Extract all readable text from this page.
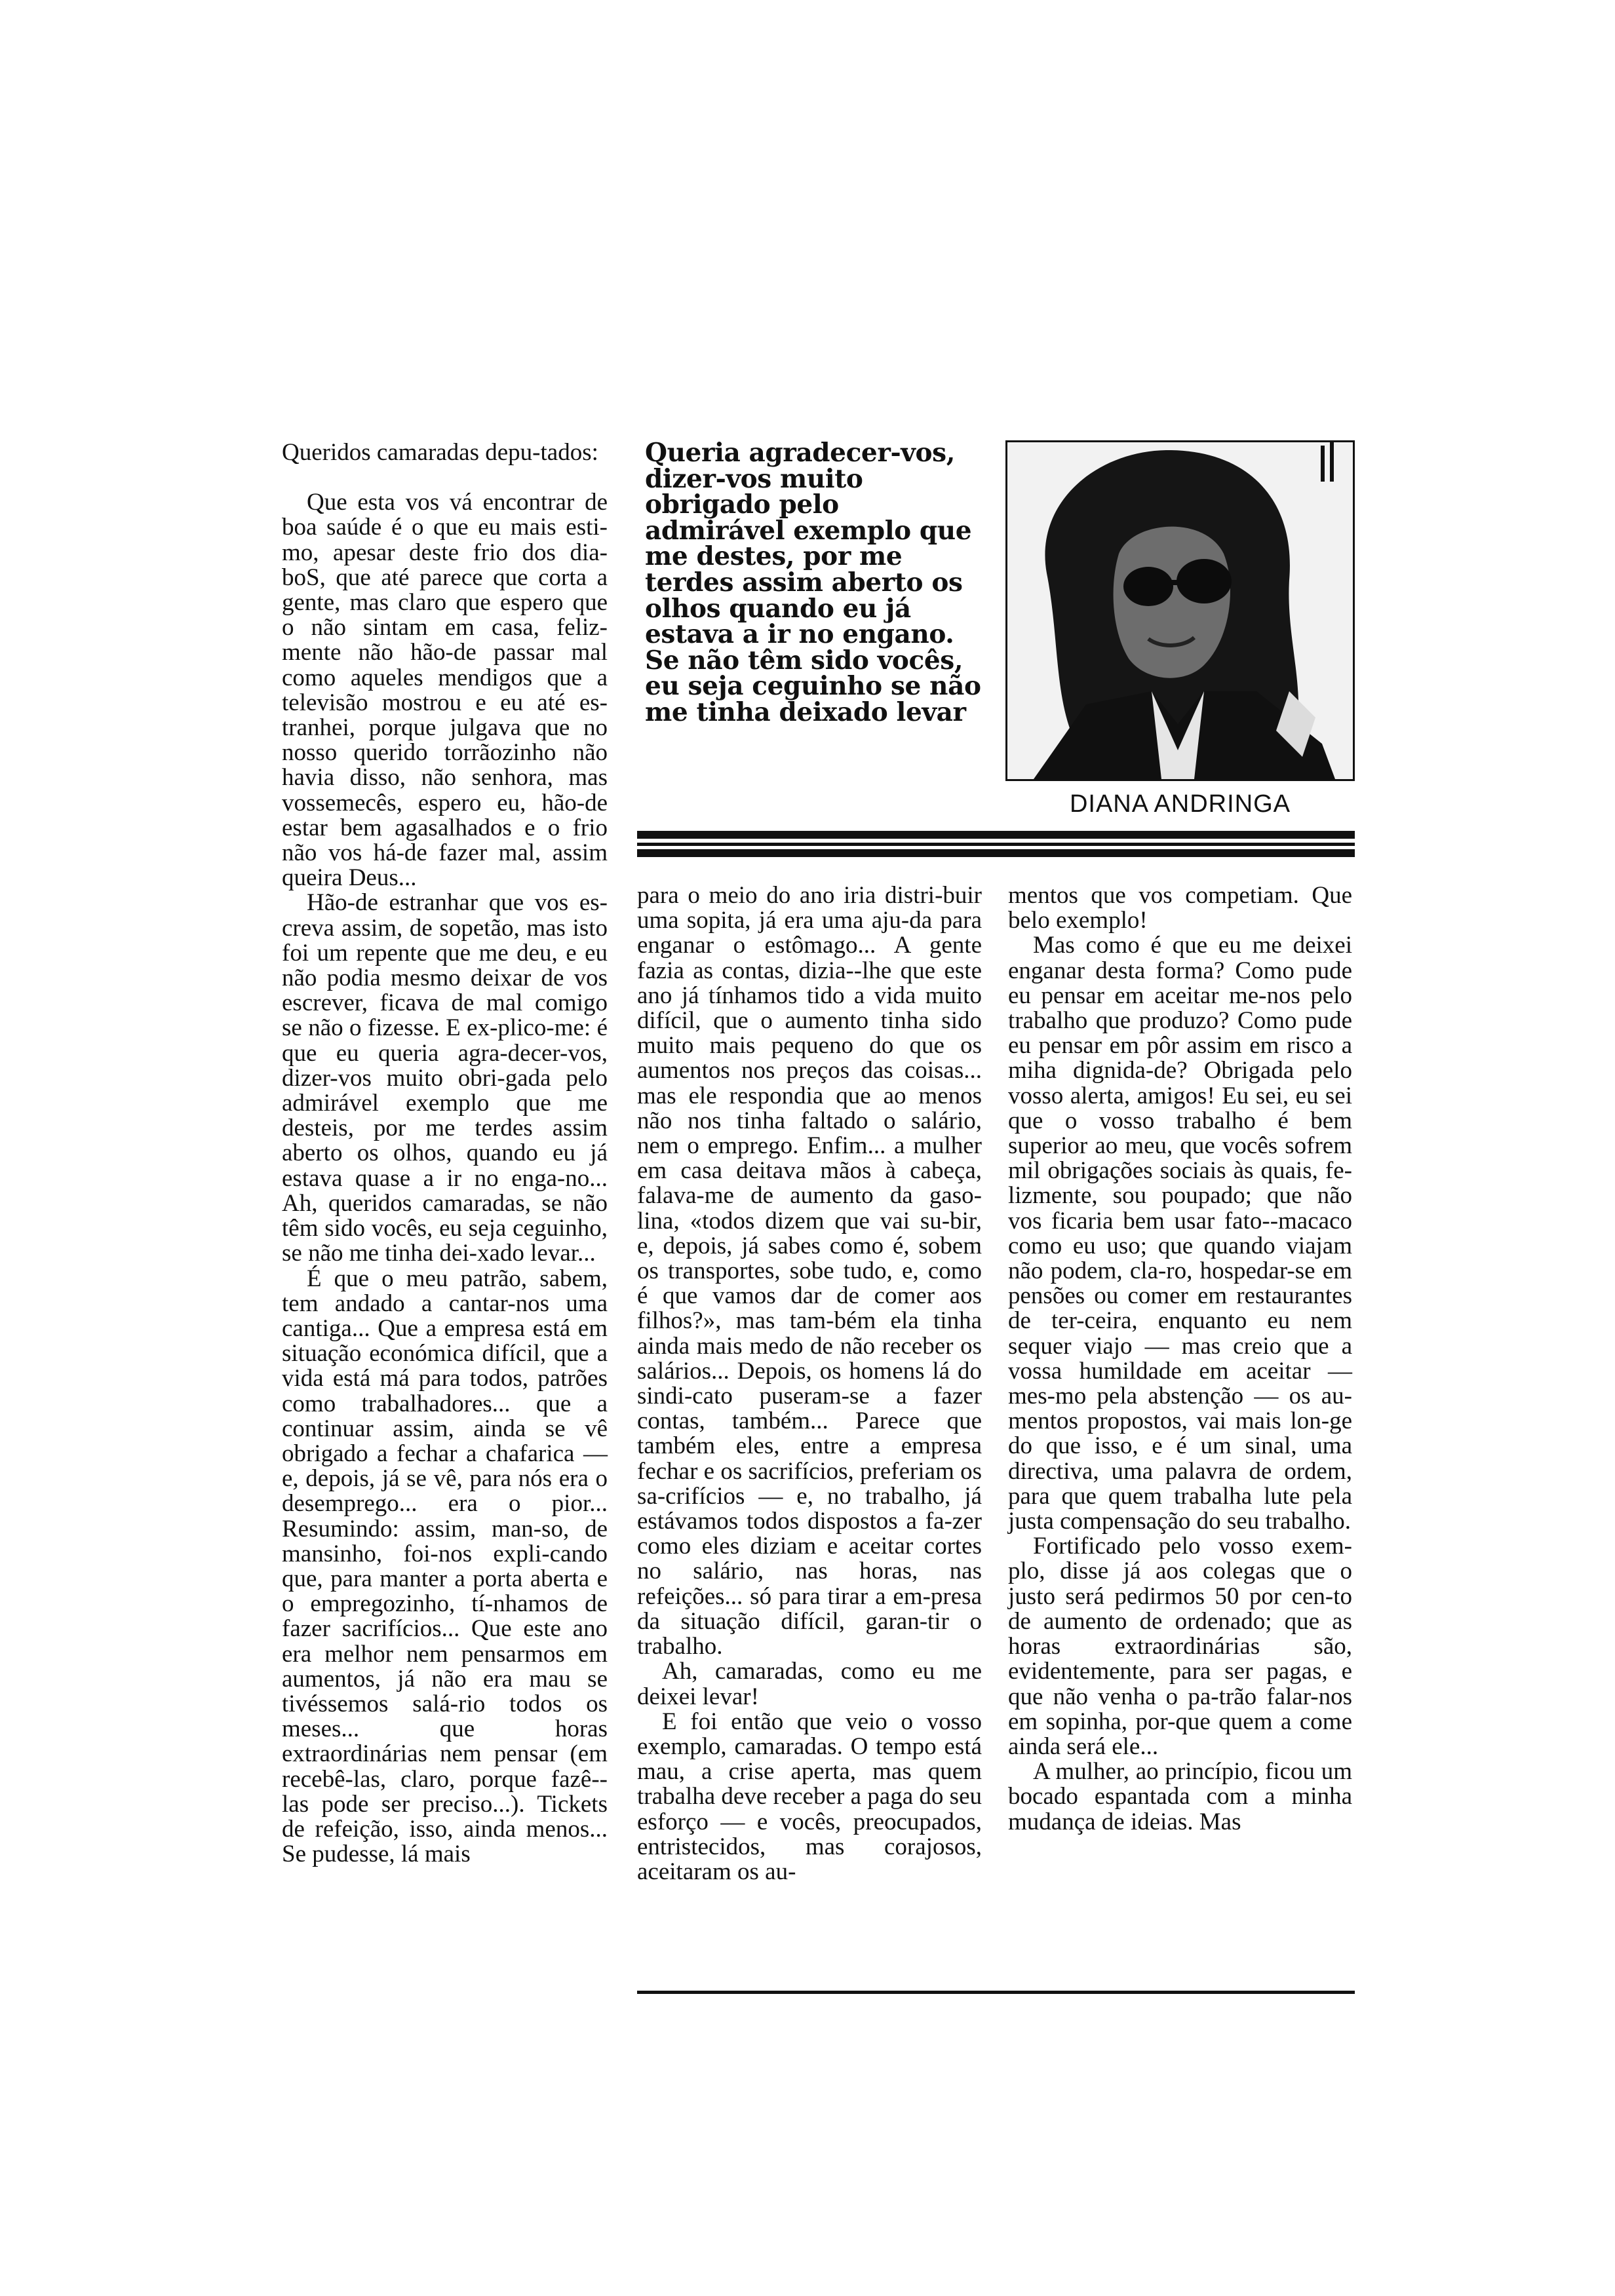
Queridos camaradas depu-tados:

Que esta vos vá encontrar de boa saúde é o que eu mais esti-mo, apesar deste frio dos dia-boS, que até parece que corta a gente, mas claro que espero que o não sintam em casa, feliz-mente não hão-de passar mal como aqueles mendigos que a televisão mostrou e eu até es-tranhei, porque julgava que no nosso querido torrãozinho não havia disso, não senhora, mas vossemecês, espero eu, hão-de estar bem agasalhados e o frio não vos há-de fazer mal, assim queira Deus...

Hão-de estranhar que vos es-creva assim, de sopetão, mas isto foi um repente que me deu, e eu não podia mesmo deixar de vos escrever, ficava de mal comigo se não o fizesse. E ex-plico-me: é que eu queria agra-decer-vos, dizer-vos muito obri-gada pelo admirável exemplo que me desteis, por me terdes assim aberto os olhos, quando eu já estava quase a ir no enga-no... Ah, queridos camaradas, se não têm sido vocês, eu seja ceguinho, se não me tinha dei-xado levar...

É que o meu patrão, sabem, tem andado a cantar-nos uma cantiga... Que a empresa está em situação económica difícil, que a vida está má para todos, patrões como trabalhadores... que a continuar assim, ainda se vê obrigado a fechar a chafarica — e, depois, já se vê, para nós era o desemprego... era o pior... Resumindo: assim, man-so, de mansinho, foi-nos expli-cando que, para manter a porta aberta e o empregozinho, tí-nhamos de fazer sacrifícios... Que este ano era melhor nem pensarmos em aumentos, já não era mau se tivéssemos salá-rio todos os meses... que horas extraordinárias nem pensar (em recebê-las, claro, porque fazê--las pode ser preciso...). Tickets de refeição, isso, ainda menos... Se pudesse, lá mais

Queria agradecer-vos, dizer-vos muito obrigado pelo admirável exemplo que me destes, por me terdes assim aberto os olhos quando eu já estava a ir no engano. Se não têm sido vocês, eu seja ceguinho se não me tinha deixado levar
DIANA ANDRINGA

para o meio do ano iria distri-buir uma sopita, já era uma aju-da para enganar o estômago... A gente fazia as contas, dizia--lhe que este ano já tínhamos tido a vida muito difícil, que o aumento tinha sido muito mais pequeno do que os aumentos nos preços das coisas... mas ele respondia que ao menos não nos tinha faltado o salário, nem o emprego. Enfim... a mulher em casa deitava mãos à cabeça, falava-me de aumento da gaso-lina, «todos dizem que vai su-bir, e, depois, já sabes como é, sobem os transportes, sobe tudo, e, como é que vamos dar de comer aos filhos?», mas tam-bém ela tinha ainda mais medo de não receber os salários... Depois, os homens lá do sindi-cato puseram-se a fazer contas, também... Parece que também eles, entre a empresa fechar e os sacrifícios, preferiam os sa-crifícios — e, no trabalho, já estávamos todos dispostos a fa-zer como eles diziam e aceitar cortes no salário, nas horas, nas refeições... só para tirar a em-presa da situação difícil, garan-tir o trabalho.

Ah, camaradas, como eu me deixei levar!

E foi então que veio o vosso exemplo, camaradas. O tempo está mau, a crise aperta, mas quem trabalha deve receber a paga do seu esforço — e vocês, preocupados, entristecidos, mas corajosos, aceitaram os au-

mentos que vos competiam. Que belo exemplo!

Mas como é que eu me deixei enganar desta forma? Como pude eu pensar em aceitar me-nos pelo trabalho que produzo? Como pude eu pensar em pôr assim em risco a miha dignida-de? Obrigada pelo vosso alerta, amigos! Eu sei, eu sei que o vosso trabalho é bem superior ao meu, que vocês sofrem mil obrigações sociais às quais, fe-lizmente, sou poupado; que não vos ficaria bem usar fato--macaco como eu uso; que quando viajam não podem, cla-ro, hospedar-se em pensões ou comer em restaurantes de ter-ceira, enquanto eu nem sequer viajo — mas creio que a vossa humildade em aceitar — mes-mo pela abstenção — os au-mentos propostos, vai mais lon-ge do que isso, e é um sinal, uma directiva, uma palavra de ordem, para que quem trabalha lute pela justa compensação do seu trabalho.

Fortificado pelo vosso exem-plo, disse já aos colegas que o justo será pedirmos 50 por cen-to de aumento de ordenado; que as horas extraordinárias são, evidentemente, para ser pagas, e que não venha o pa-trão falar-nos em sopinha, por-que quem a come ainda será ele...

A mulher, ao princípio, ficou um bocado espantada com a minha mudança de ideias. Mas
